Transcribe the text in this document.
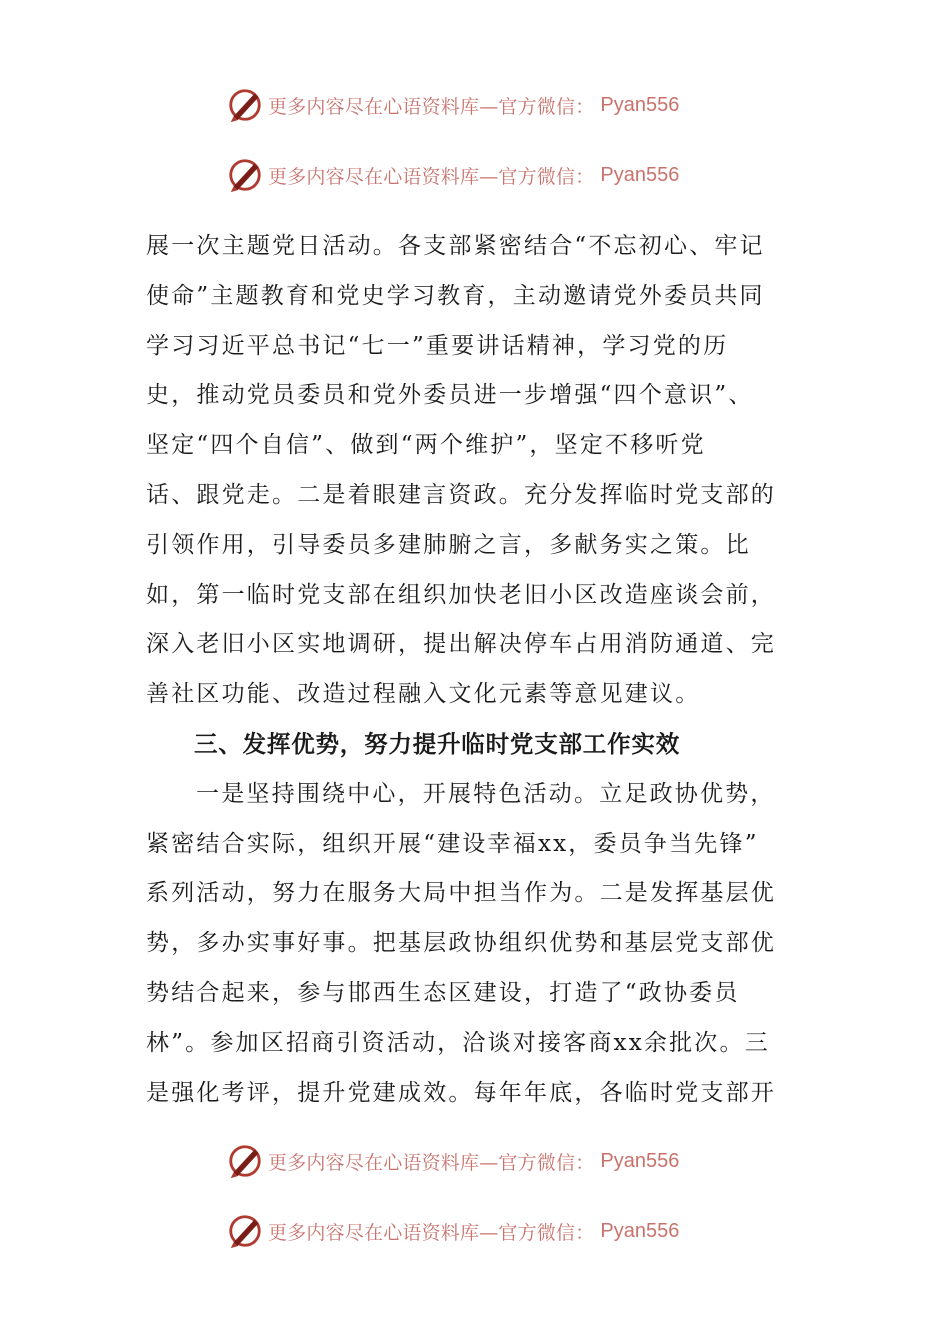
更多内容尽在心语资料库—官方微信： Pyan556
更多内容尽在心语资料库—官方微信： Pyan556
展一次主题党日活动。各支部紧密结合“不忘初心、牢记
使命”主题教育和党史学习教育，主动邀请党外委员共同
学习习近平总书记“七一”重要讲话精神，学习党的历
史，推动党员委员和党外委员进一步增强“四个意识”、
坚定“四个自信”、做到“两个维护”，坚定不移听党
话、跟党走。二是着眼建言资政。充分发挥临时党支部的
引领作用，引导委员多建肺腑之言，多献务实之策。比
如，第一临时党支部在组织加快老旧小区改造座谈会前，
深入老旧小区实地调研，提出解决停车占用消防通道、完
善社区功能、改造过程融入文化元素等意见建议。
三、发挥优势，努力提升临时党支部工作实效
一是坚持围绕中心，开展特色活动。立足政协优势，
紧密结合实际，组织开展“建设幸福xx，委员争当先锋”
系列活动，努力在服务大局中担当作为。二是发挥基层优
势，多办实事好事。把基层政协组织优势和基层党支部优
势结合起来，参与邯西生态区建设，打造了“政协委员
林”。参加区招商引资活动，洽谈对接客商xx余批次。三
是强化考评，提升党建成效。每年年底，各临时党支部开
更多内容尽在心语资料库—官方微信： Pyan556
更多内容尽在心语资料库—官方微信： Pyan556
